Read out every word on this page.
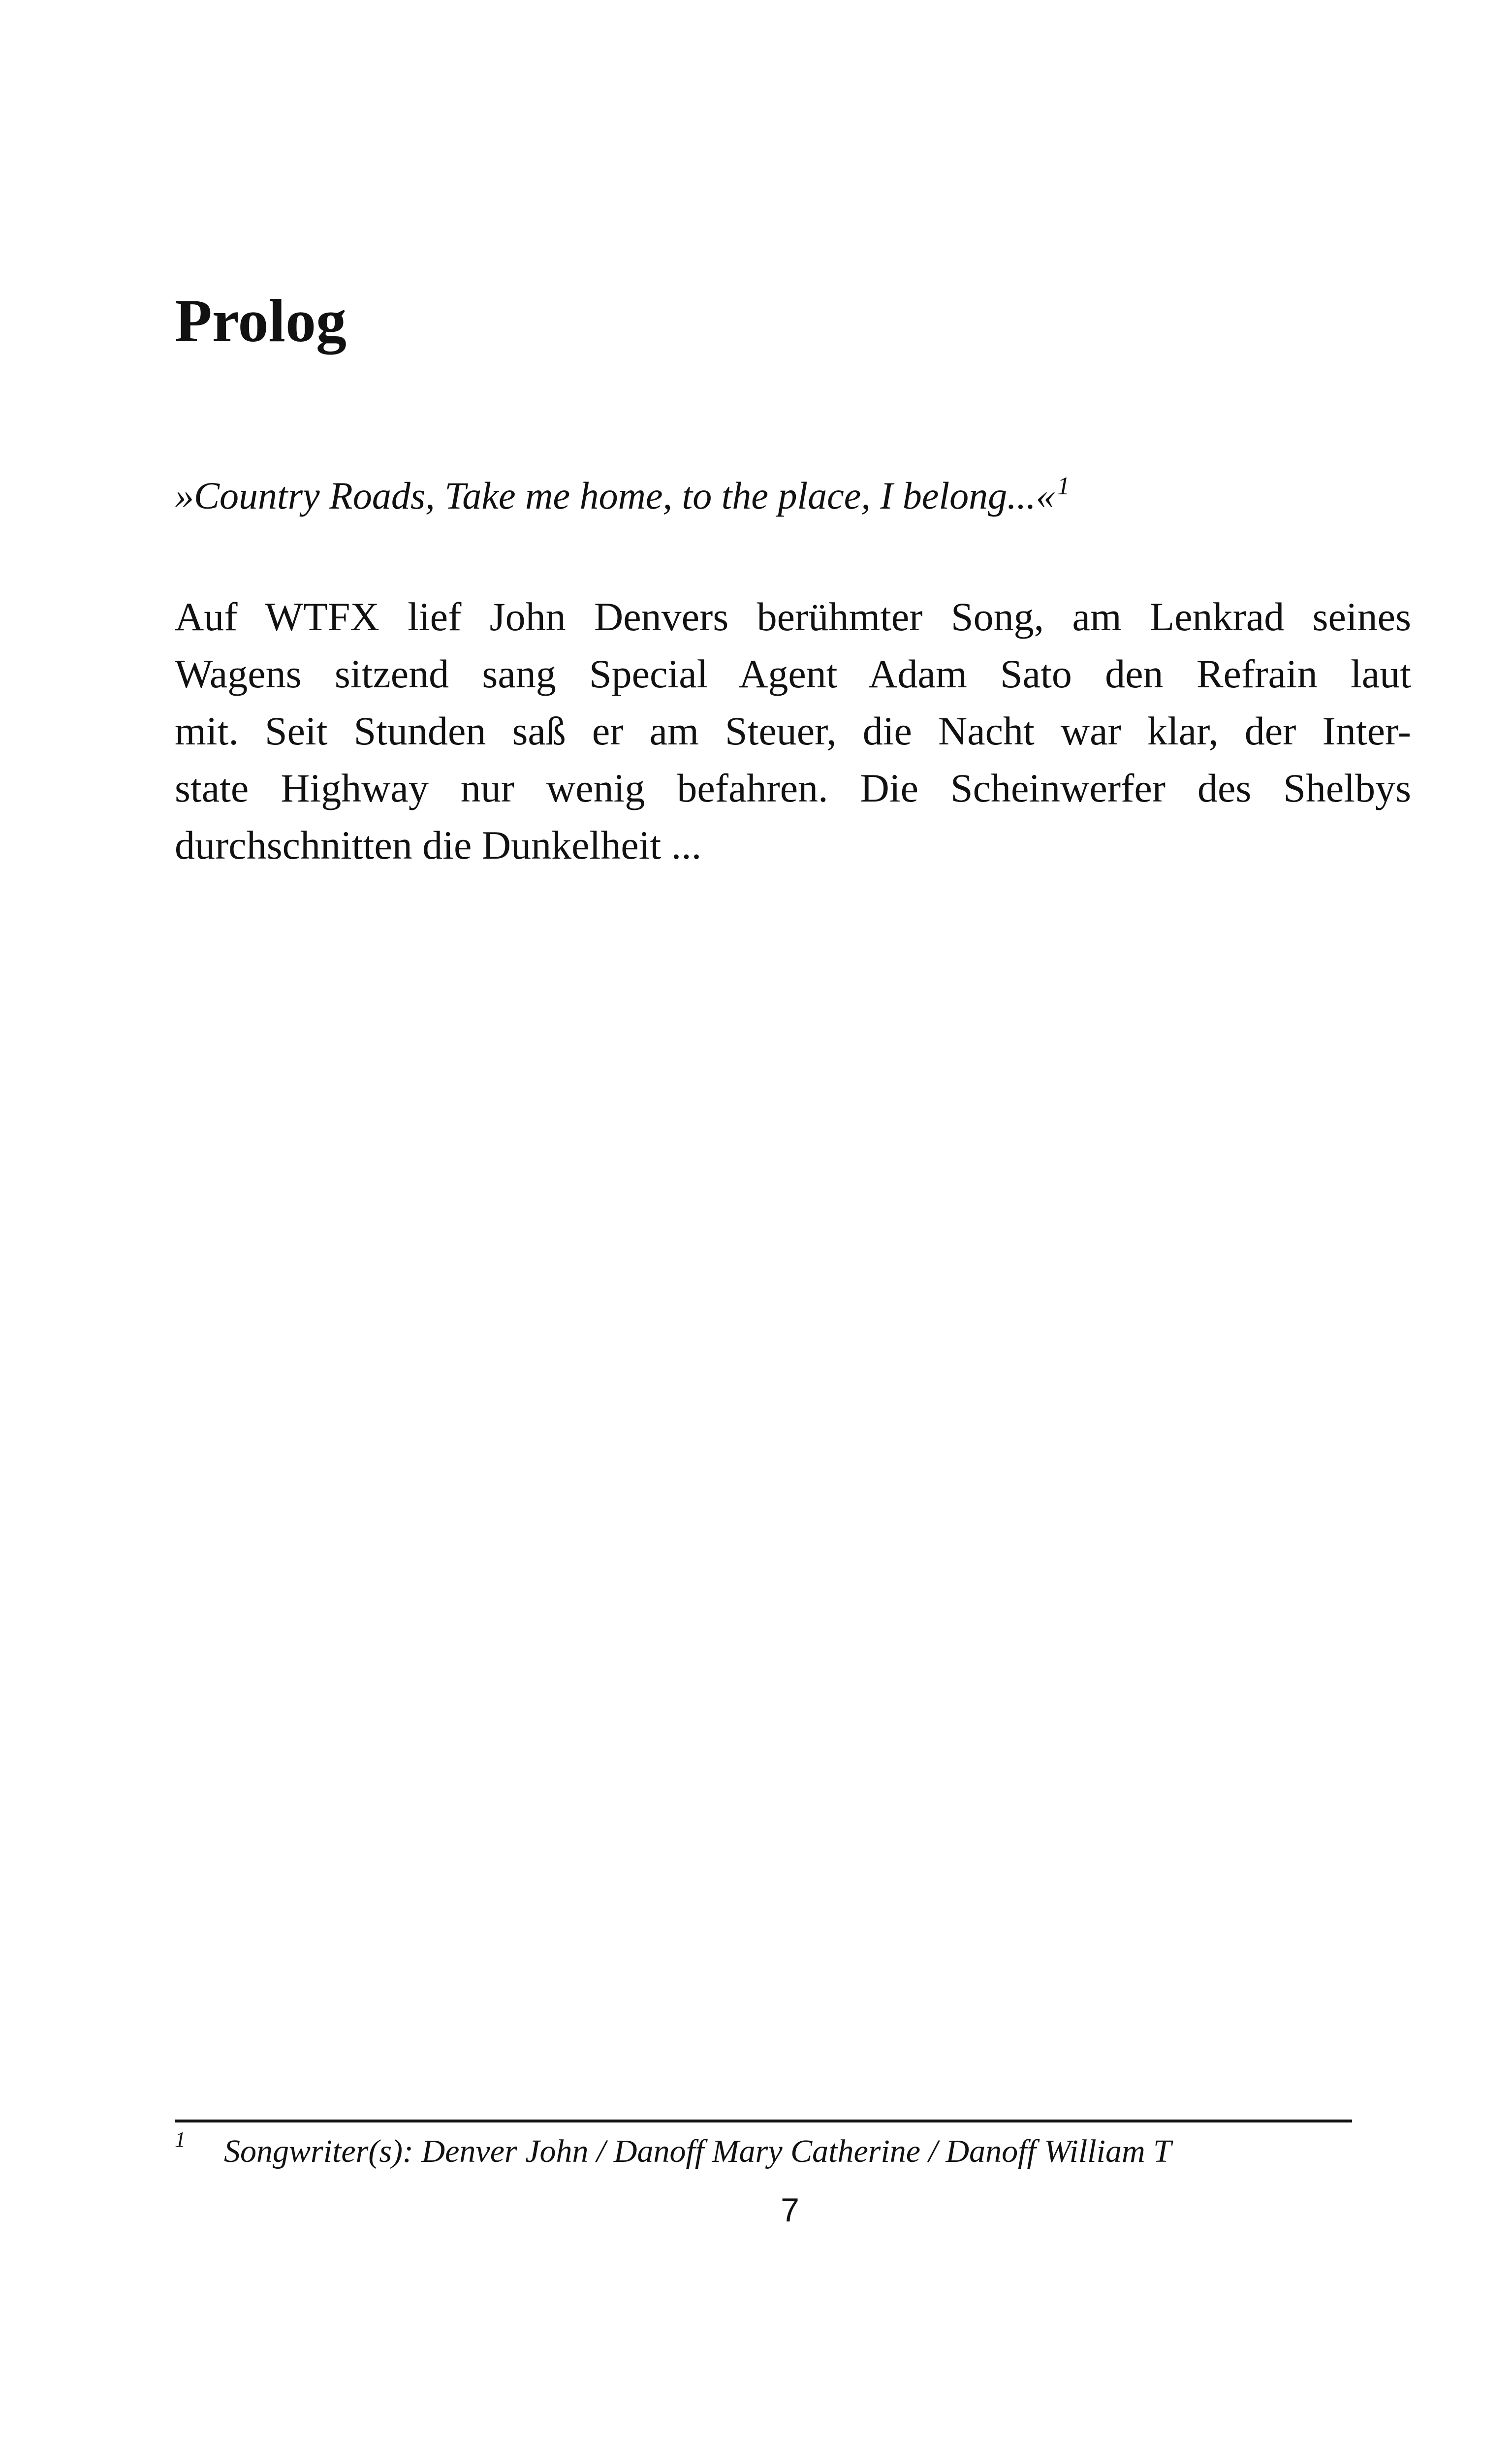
Prolog

»Country Roads, Take me home, to the place, I belong...«$^1$

Auf WTFX lief John Denvers berühmter Song, am Lenkrad seines
Wagens sitzend sang Special Agent Adam Sato den Refrain laut
mit. Seit Stunden saß er am Steuer, die Nacht war klar, der Inter-
state Highway nur wenig befahren. Die Scheinwerfer des Shelbys
durchschnitten die Dunkelheit ...
1 Songwriter(s): Denver John / Danoff Mary Catherine / Danoff William T
7
